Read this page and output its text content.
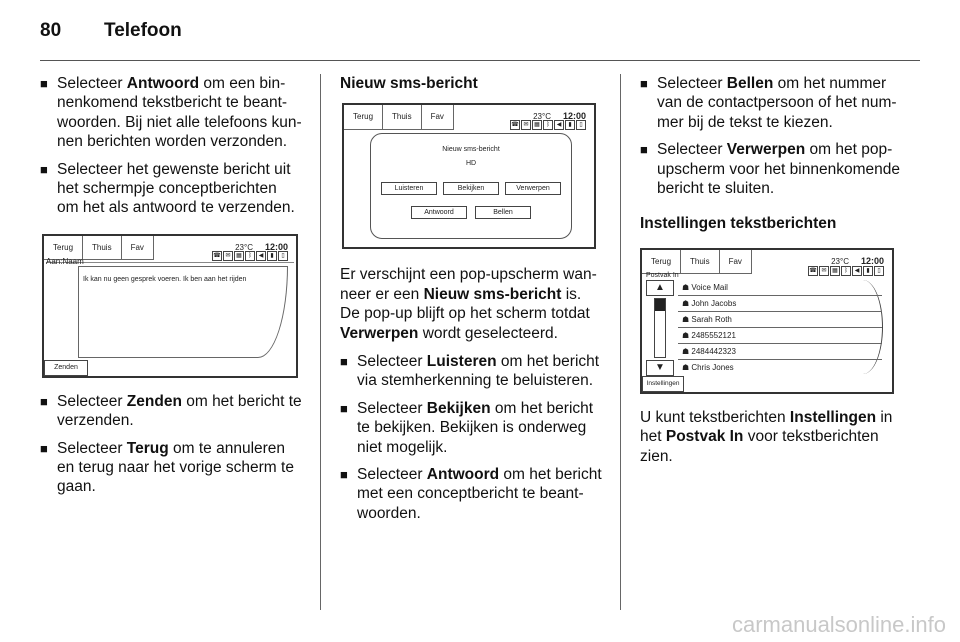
80 Telefoon
■ Selecteer Antwoord om een bin-nenkomend tekstbericht te beant-woorden. Bij niet alle telefoons kun-nen berichten worden verzonden.
■ Selecteer het gewenste bericht uit het schermpje conceptberichten om het als antwoord te verzenden.
Terug	Thuis	Fav	23°C 12:00
Aan:Naam
☎ ✉ ▦	ᛒ	◀	▮	▯
Ik kan nu geen gesprek voeren. Ik ben aan het rijden
Zenden
■ Selecteer Zenden om het bericht te verzenden.
■ Selecteer Terug om te annuleren en terug naar het vorige scherm te gaan.
Nieuw sms-bericht
Terug	Thuis	Fav	23°C 12:00
☎ ✉ ▦	ᛒ	◀	▮	▯
Nieuw sms-bericht
HD
Luisteren	Bekijken	Verwerpen
Antwoord	Bellen

Er verschijnt een pop-upscherm wan-neer er een Nieuw sms-bericht is. De pop-up blijft op het scherm totdat Verwerpen wordt geselecteerd.

■ Selecteer Luisteren om het bericht via stemherkenning te beluisteren.
■ Selecteer Bekijken om het bericht te bekijken. Bekijken is onderweg niet mogelijk.
■ Selecteer Antwoord om het bericht met een conceptbericht te beant-woorden.
■ Selecteer Bellen om het nummer van de contactpersoon of het num-mer bij de tekst te kiezen.
■ Selecteer Verwerpen om het pop-upscherm voor het binnenkomende bericht te sluiten.
Instellingen tekstberichten
Terug	Thuis	Fav	23°C 12:00
Postvak In
☎ ✉ ▦	ᛒ	◀	▮	▯
▲
▼
☗ Voice Mail
☗ John Jacobs
☗ Sarah Roth
☗ 2485552121
☗ 2484442323
☗ Chris Jones
Instellingen

U kunt tekstberichten Instellingen in het Postvak In voor tekstberichten zien.

carmanualsonline.info
